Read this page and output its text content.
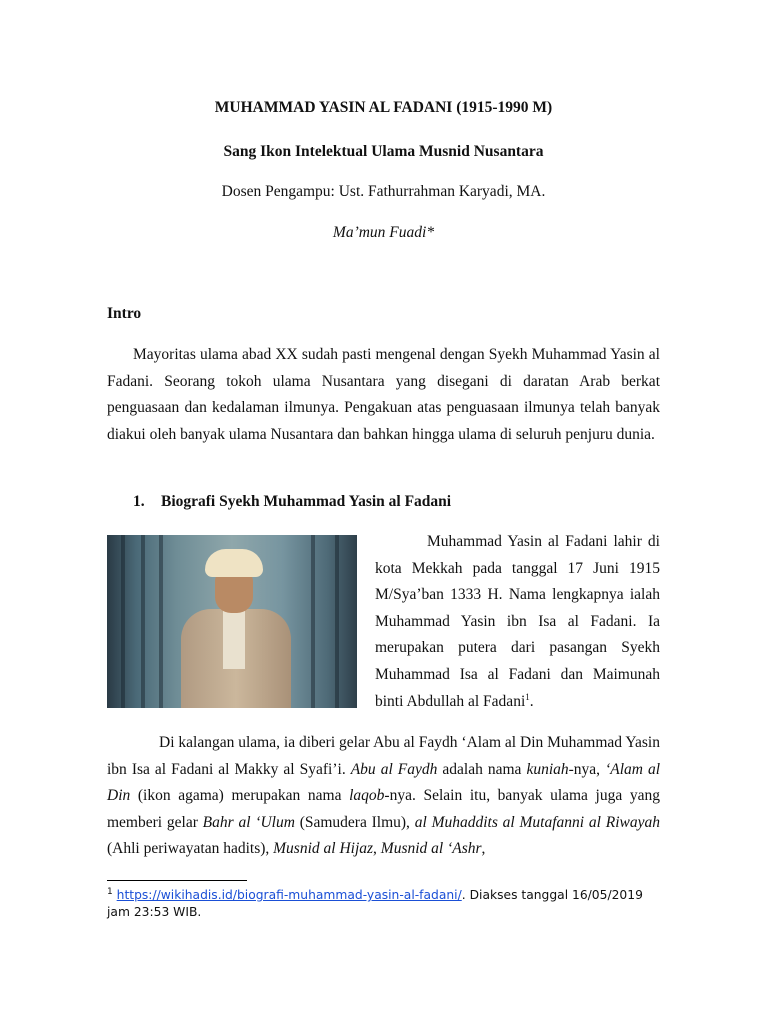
MUHAMMAD YASIN AL FADANI (1915-1990 M)

Sang Ikon Intelektual Ulama Musnid Nusantara

Dosen Pengampu: Ust. Fathurrahman Karyadi, MA.

Ma’mun Fuadi*

Intro

Mayoritas ulama abad XX sudah pasti mengenal dengan Syekh Muhammad Yasin al Fadani. Seorang tokoh ulama Nusantara yang disegani di daratan Arab berkat penguasaan dan kedalaman ilmunya. Pengakuan atas penguasaan ilmunya telah banyak diakui oleh banyak ulama Nusantara dan bahkan hingga ulama di seluruh penjuru dunia.

1. Biografi Syekh Muhammad Yasin al Fadani

Muhammad Yasin al Fadani lahir di kota Mekkah pada tanggal 17 Juni 1915 M/Sya’ban 1333 H. Nama lengkapnya ialah Muhammad Yasin ibn Isa al Fadani. Ia merupakan putera dari pasangan Syekh Muhammad Isa al Fadani dan Maimunah binti Abdullah al Fadani$^1$.

Di kalangan ulama, ia diberi gelar Abu al Faydh ‘Alam al Din Muhammad Yasin ibn Isa al Fadani al Makky al Syafi’i. Abu al Faydh adalah nama kuniah-nya, ‘Alam al Din (ikon agama) merupakan nama laqob-nya. Selain itu, banyak ulama juga yang memberi gelar Bahr al ‘Ulum (Samudera Ilmu), al Muhaddits al Mutafanni al Riwayah (Ahli periwayatan hadits), Musnid al Hijaz, Musnid al ‘Ashr,

$^1$ https://wikihadis.id/biografi-muhammad-yasin-al-fadani/. Diakses tanggal 16/05/2019 jam 23:53 WIB.
